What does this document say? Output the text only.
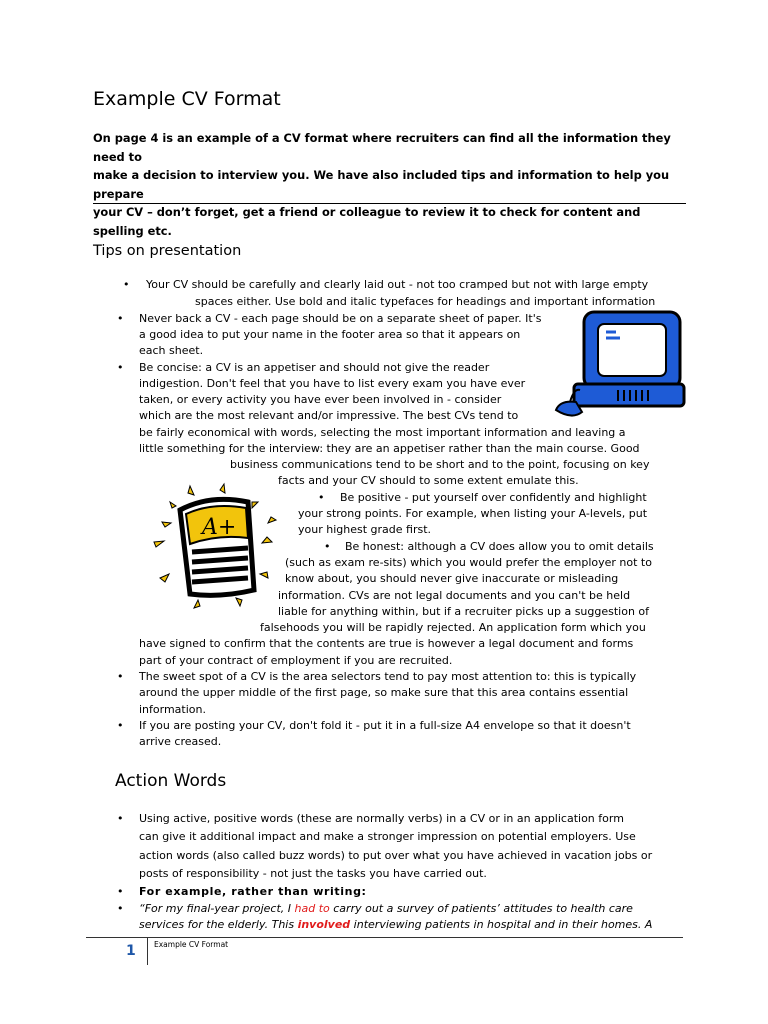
Example CV Format
On page 4 is an example of a CV format where recruiters can find all the information they need to
make a decision to interview you. We have also included tips and information to help you prepare
your CV – don’t forget, get a friend or colleague to review it to check for content and spelling etc.
Tips on presentation
• Your CV should be carefully and clearly laid out - not too cramped but not with large empty
spaces either. Use bold and italic typefaces for headings and important information
• Never back a CV - each page should be on a separate sheet of paper. It's
a good idea to put your name in the footer area so that it appears on
each sheet.
• Be concise: a CV is an appetiser and should not give the reader
indigestion. Don't feel that you have to list every exam you have ever
taken, or every activity you have ever been involved in - consider
which are the most relevant and/or impressive. The best CVs tend to
be fairly economical with words, selecting the most important information and leaving a
little something for the interview: they are an appetiser rather than the main course. Good
business communications tend to be short and to the point, focusing on key
facts and your CV should to some extent emulate this.
• Be positive - put yourself over confidently and highlight
your strong points. For example, when listing your A-levels, put
your highest grade first.
• Be honest: although a CV does allow you to omit details
(such as exam re-sits) which you would prefer the employer not to
know about, you should never give inaccurate or misleading
information. CVs are not legal documents and you can't be held
liable for anything within, but if a recruiter picks up a suggestion of
falsehoods you will be rapidly rejected. An application form which you
have signed to confirm that the contents are true is however a legal document and forms
part of your contract of employment if you are recruited.
• The sweet spot of a CV is the area selectors tend to pay most attention to: this is typically
around the upper middle of the first page, so make sure that this area contains essential
information.
• If you are posting your CV, don't fold it - put it in a full-size A4 envelope so that it doesn't
arrive creased.
A+
Action Words
• Using active, positive words (these are normally verbs) in a CV or in an application form
can give it additional impact and make a stronger impression on potential employers. Use
action words (also called buzz words) to put over what you have achieved in vacation jobs or
posts of responsibility - not just the tasks you have carried out.
• For example, rather than writing:
• “For my final-year project, I had to carry out a survey of patients’ attitudes to health care
services for the elderly. This involved interviewing patients in hospital and in their homes. A
1 Example CV Format
